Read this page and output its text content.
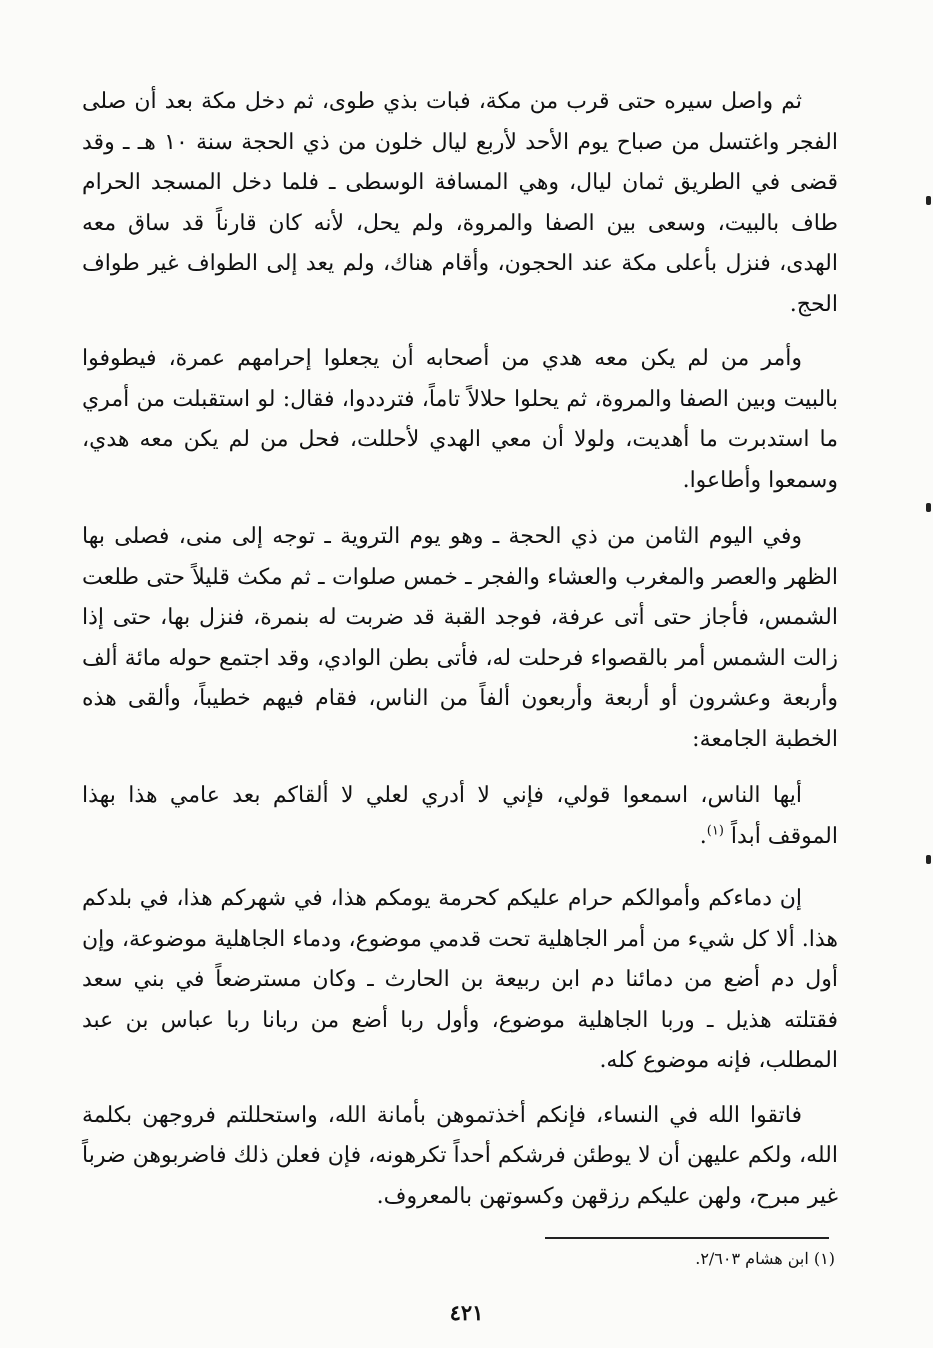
ثم واصل سيره حتى قرب من مكة، فبات بذي طوى، ثم دخل مكة بعد أن صلى الفجر واغتسل من صباح يوم الأحد لأربع ليال خلون من ذي الحجة سنة ١٠ هـ ـ وقد قضى في الطريق ثمان ليال، وهي المسافة الوسطى ـ فلما دخل المسجد الحرام طاف بالبيت، وسعى بين الصفا والمروة، ولم يحل، لأنه كان قارناً قد ساق معه الهدى، فنزل بأعلى مكة عند الحجون، وأقام هناك، ولم يعد إلى الطواف غير طواف الحج.

وأمر من لم يكن معه هدي من أصحابه أن يجعلوا إحرامهم عمرة، فيطوفوا بالبيت وبين الصفا والمروة، ثم يحلوا حلالاً تاماً، فترددوا، فقال: لو استقبلت من أمري ما استدبرت ما أهديت، ولولا أن معي الهدي لأحللت، فحل من لم يكن معه هدي، وسمعوا وأطاعوا.

وفي اليوم الثامن من ذي الحجة ـ وهو يوم التروية ـ توجه إلى منى، فصلى بها الظهر والعصر والمغرب والعشاء والفجر ـ خمس صلوات ـ ثم مكث قليلاً حتى طلعت الشمس، فأجاز حتى أتى عرفة، فوجد القبة قد ضربت له بنمرة، فنزل بها، حتى إذا زالت الشمس أمر بالقصواء فرحلت له، فأتى بطن الوادي، وقد اجتمع حوله مائة ألف وأربعة وعشرون أو أربعة وأربعون ألفاً من الناس، فقام فيهم خطيباً، وألقى هذه الخطبة الجامعة:

أيها الناس، اسمعوا قولي، فإني لا أدري لعلي لا ألقاكم بعد عامي هذا بهذا الموقف أبداً $^{(١)}$.

إن دماءكم وأموالكم حرام عليكم كحرمة يومكم هذا، في شهركم هذا، في بلدكم هذا. ألا كل شيء من أمر الجاهلية تحت قدمي موضوع، ودماء الجاهلية موضوعة، وإن أول دم أضع من دمائنا دم ابن ربيعة بن الحارث ـ وكان مسترضعاً في بني سعد فقتلته هذيل ـ وربا الجاهلية موضوع، وأول ربا أضع من ربانا ربا عباس بن عبد المطلب، فإنه موضوع كله.

فاتقوا الله في النساء، فإنكم أخذتموهن بأمانة الله، واستحللتم فروجهن بكلمة الله، ولكم عليهن أن لا يوطئن فرشكم أحداً تكرهونه، فإن فعلن ذلك فاضربوهن ضرباً غير مبرح، ولهن عليكم رزقهن وكسوتهن بالمعروف.

(١) ابن هشام ٢/٦٠٣.
٤٢١
